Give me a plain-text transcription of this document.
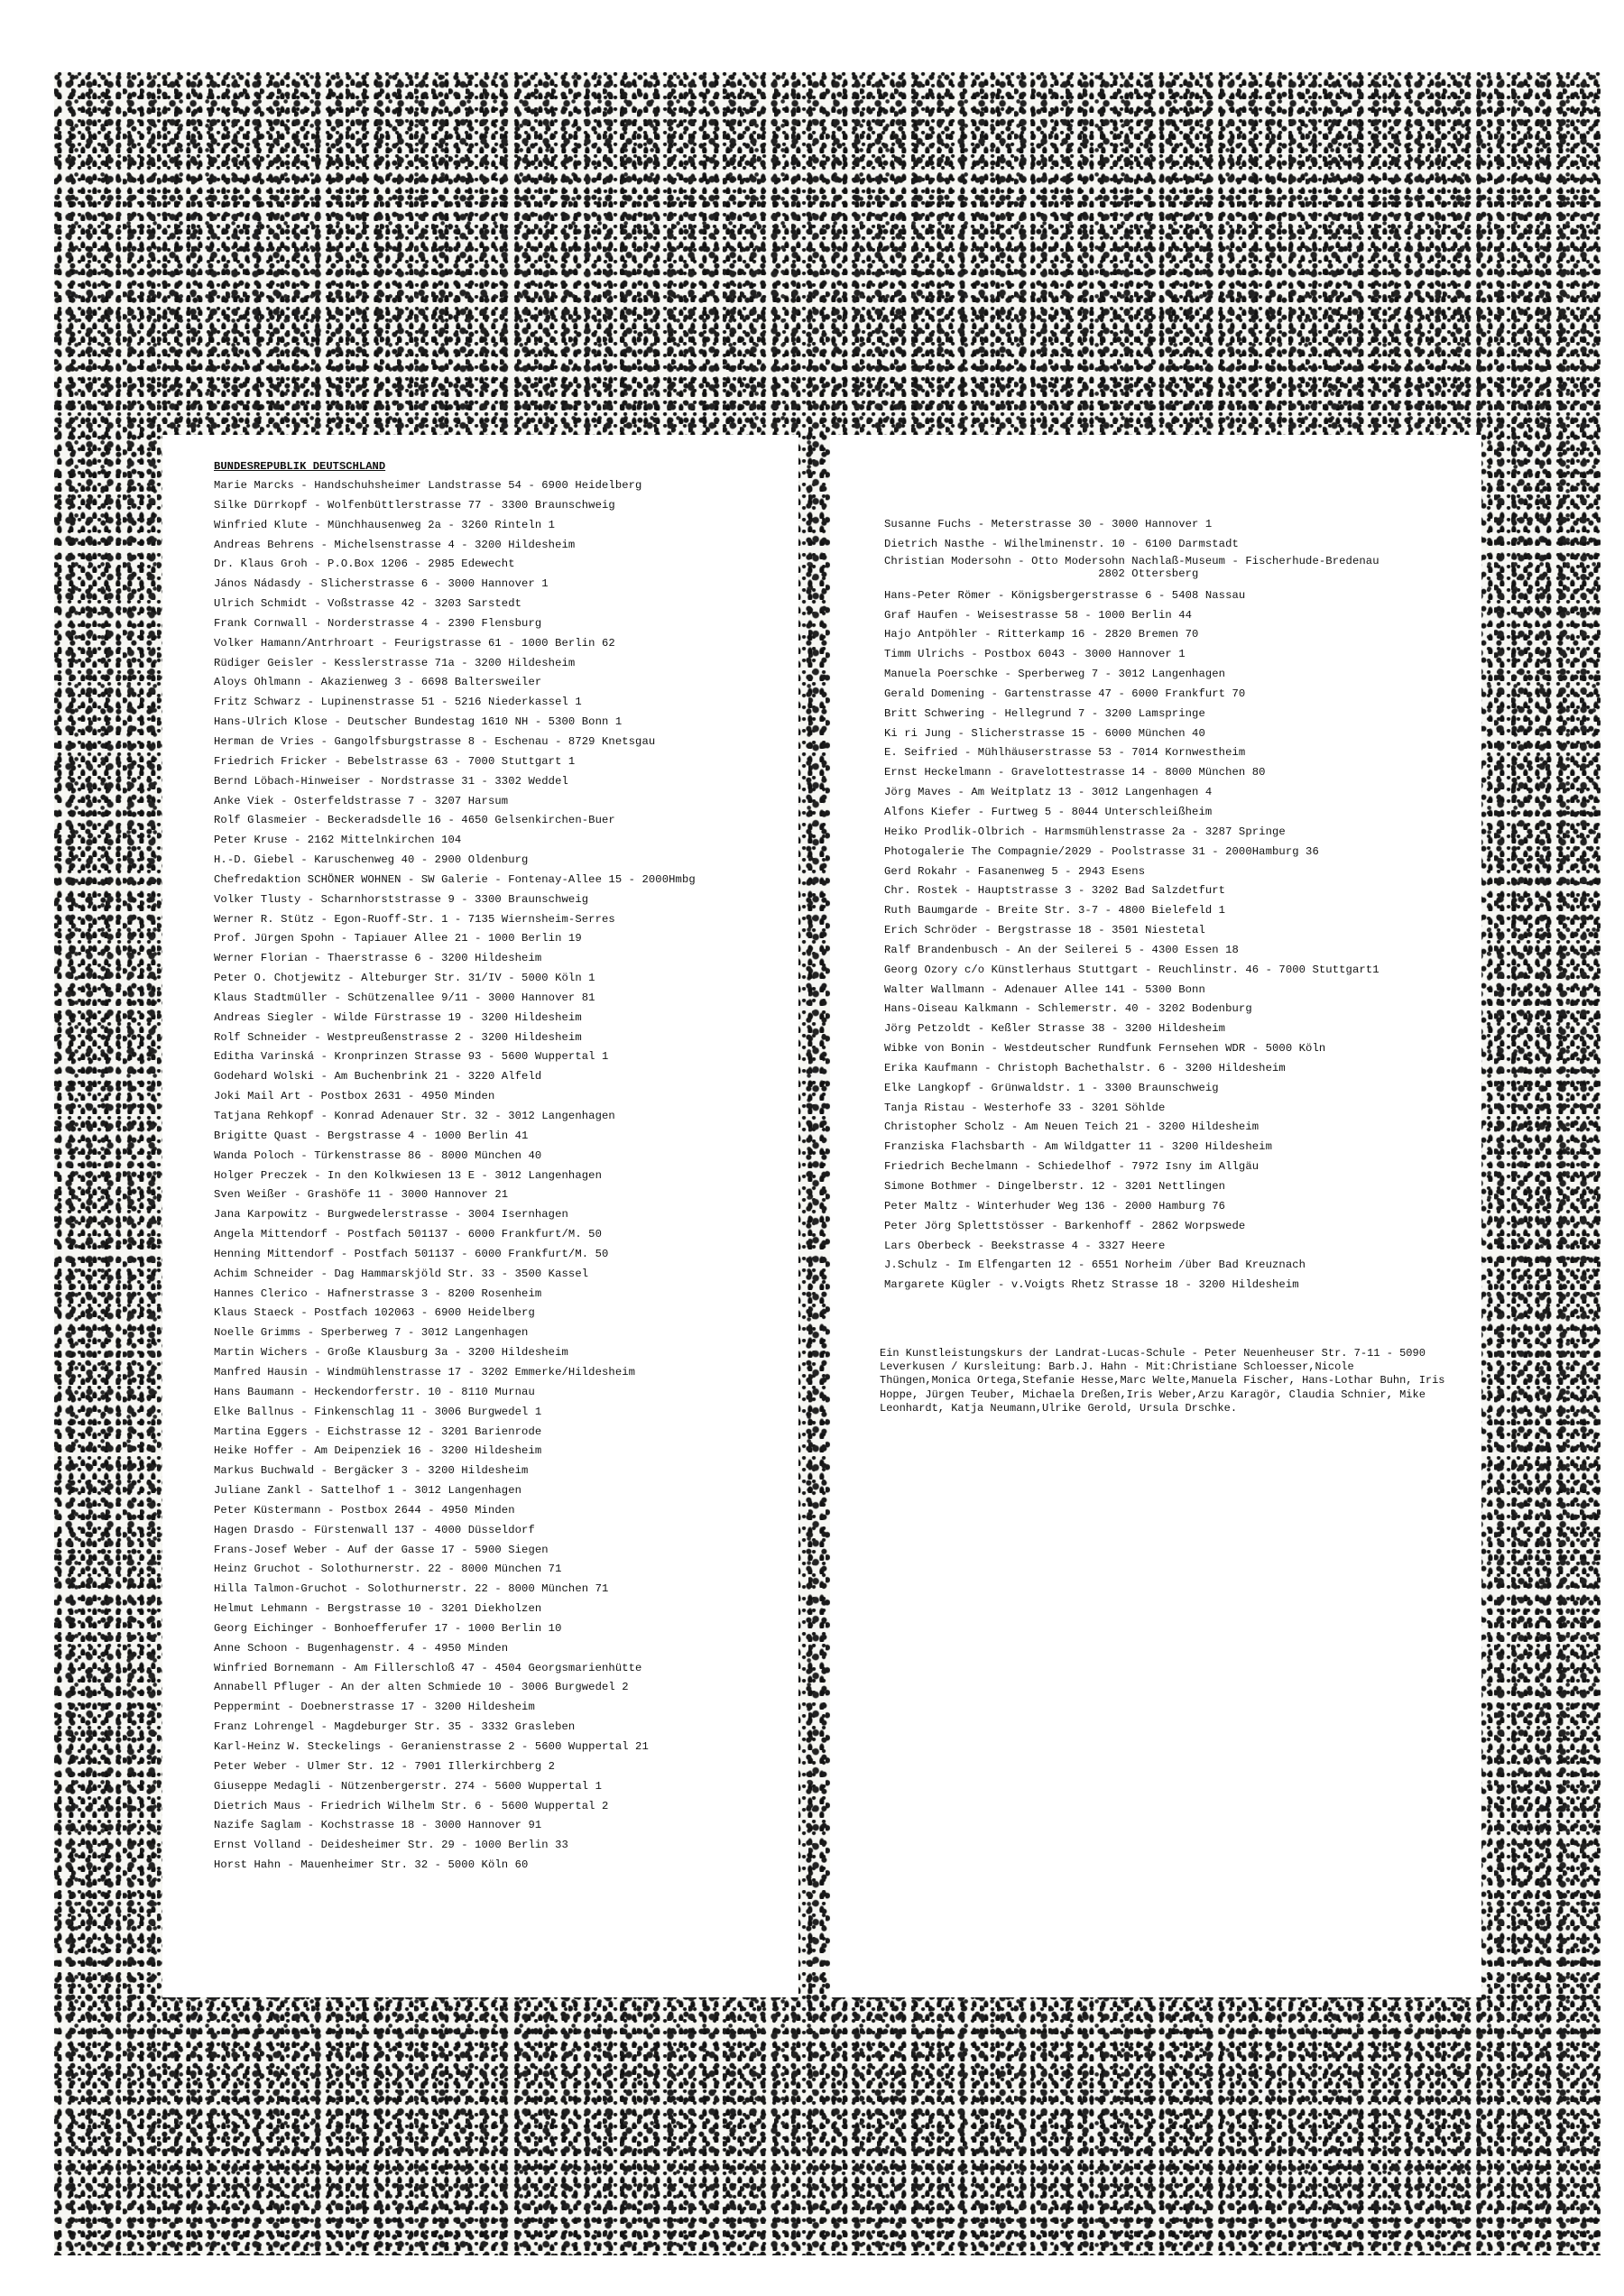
BUNDESREPUBLIK DEUTSCHLAND
Marie Marcks - Handschuhsheimer Landstrasse 54 - 6900 Heidelberg
Silke Dürrkopf - Wolfenbüttlerstrasse 77 - 3300 Braunschweig
Winfried Klute - Münchhausenweg 2a - 3260 Rinteln 1
Andreas Behrens - Michelsenstrasse 4 - 3200 Hildesheim
Dr. Klaus Groh - P.O.Box 1206 - 2985 Edewecht
János Nádasdy - Slicherstrasse 6 - 3000 Hannover 1
Ulrich Schmidt - Voßstrasse 42 - 3203 Sarstedt
Frank Cornwall - Norderstrasse 4 - 2390 Flensburg
Volker Hamann/Antrhroart - Feurigstrasse 61 - 1000 Berlin 62
Rüdiger Geisler - Kesslerstrasse 71a - 3200 Hildesheim
Aloys Ohlmann - Akazienweg 3 - 6698 Baltersweiler
Fritz Schwarz - Lupinenstrasse 51 - 5216 Niederkassel 1
Hans-Ulrich Klose - Deutscher Bundestag 1610 NH - 5300 Bonn 1
Herman de Vries - Gangolfsburgstrasse 8 - Eschenau - 8729 Knetsgau
Friedrich Fricker - Bebelstrasse 63 - 7000 Stuttgart 1
Bernd Löbach-Hinweiser - Nordstrasse 31 - 3302 Weddel
Anke Viek - Osterfeldstrasse 7 - 3207 Harsum
Rolf Glasmeier - Beckeradsdelle 16 - 4650 Gelsenkirchen-Buer
Peter Kruse - 2162 Mittelnkirchen 104
H.-D. Giebel - Karuschenweg 40 - 2900 Oldenburg
Chefredaktion SCHÖNER WOHNEN - SW Galerie - Fontenay-Allee 15 - 2000Hmbg
Volker Tlusty - Scharnhorststrasse 9 - 3300 Braunschweig
Werner R. Stütz - Egon-Ruoff-Str. 1 - 7135 Wiernsheim-Serres
Prof. Jürgen Spohn - Tapiauer Allee 21 - 1000 Berlin 19
Werner Florian - Thaerstrasse 6 - 3200 Hildesheim
Peter O. Chotjewitz - Alteburger Str. 31/IV - 5000 Köln 1
Klaus Stadtmüller - Schützenallee 9/11 - 3000 Hannover 81
Andreas Siegler - Wilde Fürstrasse 19 - 3200 Hildesheim
Rolf Schneider - Westpreußenstrasse 2 - 3200 Hildesheim
Editha Varinská - Kronprinzen Strasse 93 - 5600 Wuppertal 1
Godehard Wolski - Am Buchenbrink 21 - 3220 Alfeld
Joki Mail Art - Postbox 2631 - 4950 Minden
Tatjana Rehkopf - Konrad Adenauer Str. 32 - 3012 Langenhagen
Brigitte Quast - Bergstrasse 4 - 1000 Berlin 41
Wanda Poloch - Türkenstrasse 86 - 8000 München 40
Holger Preczek - In den Kolkwiesen 13 E - 3012 Langenhagen
Sven Weißer - Grashöfe 11 - 3000 Hannover 21
Jana Karpowitz - Burgwedelerstrasse - 3004 Isernhagen
Angela Mittendorf - Postfach 501137 - 6000 Frankfurt/M. 50
Henning Mittendorf - Postfach 501137 - 6000 Frankfurt/M. 50
Achim Schneider - Dag Hammarskjöld Str. 33 - 3500 Kassel
Hannes Clerico - Hafnerstrasse 3 - 8200 Rosenheim
Klaus Staeck - Postfach 102063 - 6900 Heidelberg
Noelle Grimms - Sperberweg 7 - 3012 Langenhagen
Martin Wichers - Große Klausburg 3a - 3200 Hildesheim
Manfred Hausin - Windmühlenstrasse 17 - 3202 Emmerke/Hildesheim
Hans Baumann - Heckendorferstr. 10 - 8110 Murnau
Elke Ballnus - Finkenschlag 11 - 3006 Burgwedel 1
Martina Eggers - Eichstrasse 12 - 3201 Barienrode
Heike Hoffer - Am Deipenziek 16 - 3200 Hildesheim
Markus Buchwald - Bergäcker 3 - 3200 Hildesheim
Juliane Zankl - Sattelhof 1 - 3012 Langenhagen
Peter Küstermann - Postbox 2644 - 4950 Minden
Hagen Drasdo - Fürstenwall 137 - 4000 Düsseldorf
Frans-Josef Weber - Auf der Gasse 17 - 5900 Siegen
Heinz Gruchot - Solothurnerstr. 22 - 8000 München 71
Hilla Talmon-Gruchot - Solothurnerstr. 22 - 8000 München 71
Helmut Lehmann - Bergstrasse 10 - 3201 Diekholzen
Georg Eichinger - Bonhoefferufer 17 - 1000 Berlin 10
Anne Schoon - Bugenhagenstr. 4 - 4950 Minden
Winfried Bornemann - Am Fillerschloß 47 - 4504 Georgsmarienhütte
Annabell Pfluger - An der alten Schmiede 10 - 3006 Burgwedel 2
Peppermint - Doebnerstrasse 17 - 3200 Hildesheim
Franz Lohrengel - Magdeburger Str. 35 - 3332 Grasleben
Karl-Heinz W. Steckelings - Geranienstrasse 2 - 5600 Wuppertal 21
Peter Weber - Ulmer Str. 12 - 7901 Illerkirchberg 2
Giuseppe Medagli - Nützenbergerstr. 274 - 5600 Wuppertal 1
Dietrich Maus - Friedrich Wilhelm Str. 6 - 5600 Wuppertal 2
Nazife Saglam - Kochstrasse 18 - 3000 Hannover 91
Ernst Volland - Deidesheimer Str. 29 - 1000 Berlin 33
Horst Hahn - Mauenheimer Str. 32 - 5000 Köln 60
Susanne Fuchs - Meterstrasse 30 - 3000 Hannover 1
Dietrich Nasthe - Wilhelminenstr. 10 - 6100 Darmstadt
Christian Modersohn - Otto Modersohn Nachlaß-Museum - Fischerhude-Bredenau
2802 Ottersberg
Hans-Peter Römer - Königsbergerstrasse 6 - 5408 Nassau
Graf Haufen - Weisestrasse 58 - 1000 Berlin 44
Hajo Antpöhler - Ritterkamp 16 - 2820 Bremen 70
Timm Ulrichs - Postbox 6043 - 3000 Hannover 1
Manuela Poerschke - Sperberweg 7 - 3012 Langenhagen
Gerald Domening - Gartenstrasse 47 - 6000 Frankfurt 70
Britt Schwering - Hellegrund 7 - 3200 Lamspringe
Ki ri Jung - Slicherstrasse 15 - 6000 München 40
E. Seifried - Mühlhäuserstrasse 53 - 7014 Kornwestheim
Ernst Heckelmann - Gravelottestrasse 14 - 8000 München 80
Jörg Maves - Am Weitplatz 13 - 3012 Langenhagen 4
Alfons Kiefer - Furtweg 5 - 8044 Unterschleißheim
Heiko Prodlik-Olbrich - Harmsmühlenstrasse 2a - 3287 Springe
Photogalerie The Compagnie/2029 - Poolstrasse 31 - 2000Hamburg 36
Gerd Rokahr - Fasanenweg 5 - 2943 Esens
Chr. Rostek - Hauptstrasse 3 - 3202 Bad Salzdetfurt
Ruth Baumgarde - Breite Str. 3-7 - 4800 Bielefeld 1
Erich Schröder - Bergstrasse 18 - 3501 Niestetal
Ralf Brandenbusch - An der Seilerei 5 - 4300 Essen 18
Georg Ozory c/o Künstlerhaus Stuttgart - Reuchlinstr. 46 - 7000 Stuttgart1
Walter Wallmann - Adenauer Allee 141 - 5300 Bonn
Hans-Oiseau Kalkmann - Schlemerstr. 40 - 3202 Bodenburg
Jörg Petzoldt - Keßler Strasse 38 - 3200 Hildesheim
Wibke von Bonin - Westdeutscher Rundfunk Fernsehen WDR - 5000 Köln
Erika Kaufmann - Christoph Bachethalstr. 6 - 3200 Hildesheim
Elke Langkopf - Grünwaldstr. 1 - 3300 Braunschweig
Tanja Ristau - Westerhofe 33 - 3201 Söhlde
Christopher Scholz - Am Neuen Teich 21 - 3200 Hildesheim
Franziska Flachsbarth - Am Wildgatter 11 - 3200 Hildesheim
Friedrich Bechelmann - Schiedelhof - 7972 Isny im Allgäu
Simone Bothmer - Dingelberstr. 12 - 3201 Nettlingen
Peter Maltz - Winterhuder Weg 136 - 2000 Hamburg 76
Peter Jörg Splettstösser - Barkenhoff - 2862 Worpswede
Lars Oberbeck - Beekstrasse 4 - 3327 Heere
J.Schulz - Im Elfengarten 12 - 6551 Norheim /über Bad Kreuznach
Margarete Kügler - v.Voigts Rhetz Strasse 18 - 3200 Hildesheim
Ein Kunstleistungskurs der Landrat-Lucas-Schule - Peter Neuenheuser Str. 7-11 - 5090 Leverkusen / Kursleitung: Barb.J. Hahn - Mit:Christiane Schloesser,Nicole Thüngen,Monica Ortega,Stefanie Hesse,Marc Welte,Manuela Fischer, Hans-Lothar Buhn, Iris Hoppe, Jürgen Teuber, Michaela Dreßen,Iris Weber,Arzu Karagör, Claudia Schnier, Mike Leonhardt, Katja Neumann,Ulrike Gerold, Ursula Drschke.
